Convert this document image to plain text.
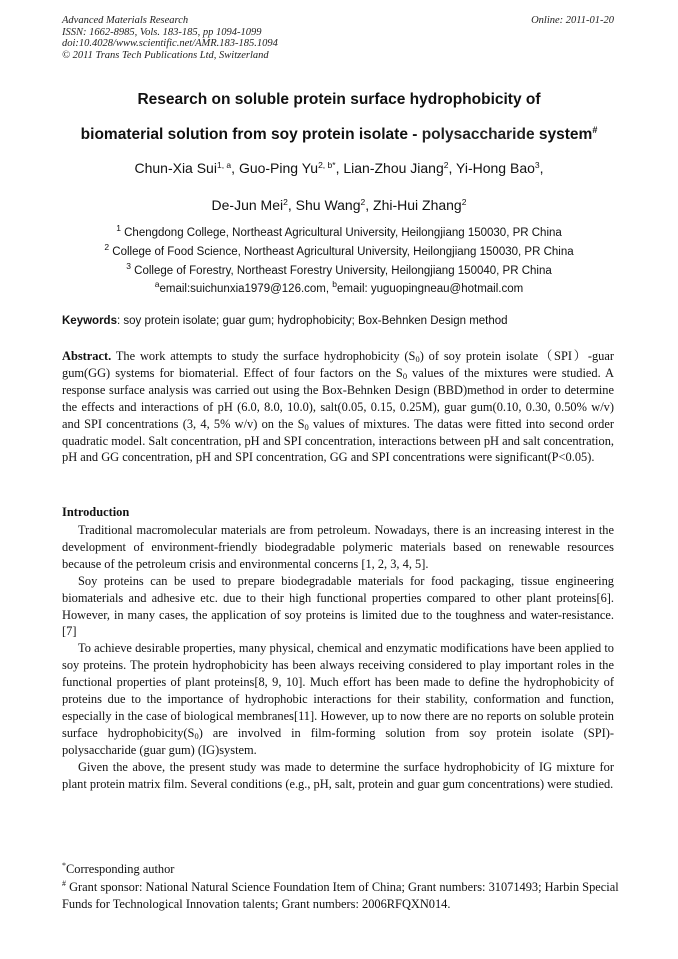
Advanced Materials Research
ISSN: 1662-8985, Vols. 183-185, pp 1094-1099
doi:10.4028/www.scientific.net/AMR.183-185.1094
© 2011 Trans Tech Publications Ltd, Switzerland
Online: 2011-01-20
Research on soluble protein surface hydrophobicity of
biomaterial solution from soy protein isolate - polysaccharide system#
Chun-Xia Sui$^{1, a}$, Guo-Ping $Yu^{2, b*}$, Lian-Zhou Jiang$^2$, Yi-Hong Bao$^3$,
De-Jun Mei$^2$, Shu Wang$^2$, Zhi-Hui Zhang$^2$
$^1$ Chengdong College, Northeast Agricultural University, Heilongjiang 150030, PR China
$^2$ College of Food Science, Northeast Agricultural University, Heilongjiang 150030, PR China
$^3$ College of Forestry, Northeast Forestry University, Heilongjiang 150040, PR China
$^a$email:suichunxia1979@126.com, $^b$email: yuguopingneau@hotmail.com
Keywords: soy protein isolate; guar gum; hydrophobicity; Box-Behnken Design method
Abstract. The work attempts to study the surface hydrophobicity $(S_0)$ of soy protein isolate（SPI）-guar gum(GG) systems for biomaterial. Effect of four factors on the $S_0$ values of the mixtures were studied. A response surface analysis was carried out using the Box-Behnken Design (BBD)method in order to determine the effects and interactions of pH (6.0, 8.0, 10.0), salt(0.05, 0.15, 0.25M), guar gum(0.10, 0.30, 0.50% w/v) and SPI concentrations (3, 4, 5% w/v) on the $S_0$ values of mixtures. The datas were fitted into second order quadratic model. Salt concentration, pH and SPI concentration, interactions between pH and salt concentration, pH and GG concentration, pH and SPI concentration, GG and SPI concentrations were significant(P<0.05).
Introduction

Traditional macromolecular materials are from petroleum. Nowadays, there is an increasing interest in the development of environment-friendly biodegradable polymeric materials based on renewable resources because of the petroleum crisis and environmental concerns [1, 2, 3, 4, 5].

Soy proteins can be used to prepare biodegradable materials for food packaging, tissue engineering biomaterials and adhesive etc. due to their high functional properties compared to other plant proteins[6]. However, in many cases, the application of soy proteins is limited due to the toughness and water-resistance. [7]

To achieve desirable properties, many physical, chemical and enzymatic modifications have been applied to soy proteins. The protein hydrophobicity has been always receiving considered to play important roles in the functional properties of plant proteins[8, 9, 10]. Much effort has been made to define the hydrophobicity of proteins due to the importance of hydrophobic interactions for their stability, conformation and function, especially in the case of biological membranes[11]. However, up to now there are no reports on soluble protein surface $hydrophobicity(S_0)$ are involved in film-forming solution from soy protein isolate (SPI)- polysaccharide (guar gum) (IG)system.

Given the above, the present study was made to determine the surface hydrophobicity of IG mixture for plant protein matrix film. Several conditions (e.g., pH, salt, protein and guar gum concentrations) were studied.

*Corresponding author
# Grant sponsor: National Natural Science Foundation Item of China; Grant numbers: 31071493; Harbin Special Funds for Technological Innovation talents; Grant numbers: 2006RFQXN014.
